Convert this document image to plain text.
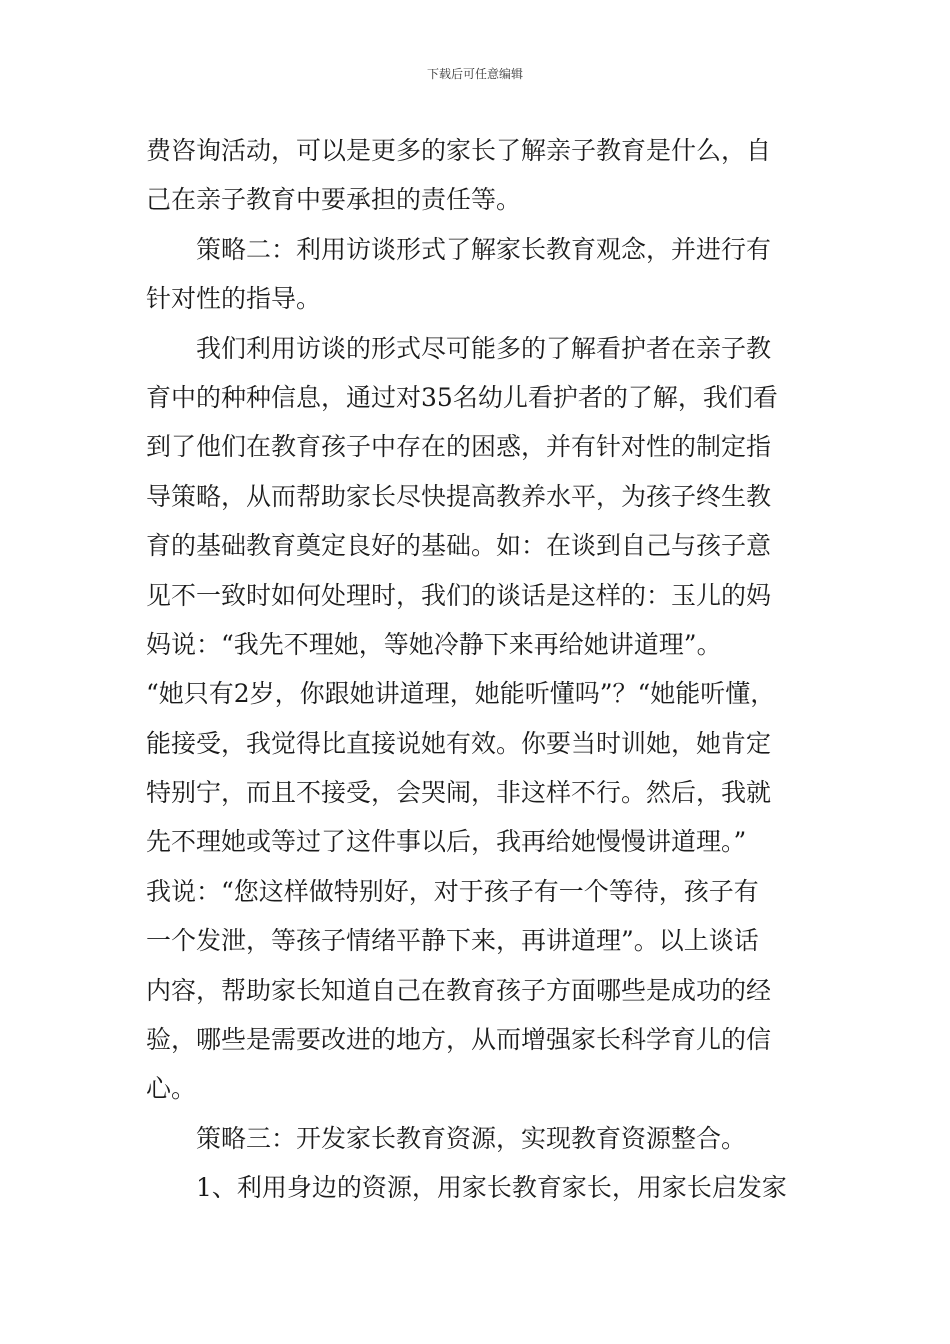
下载后可任意编辑
费咨询活动，可以是更多的家长了解亲子教育是什么，自
己在亲子教育中要承担的责任等。
策略二：利用访谈形式了解家长教育观念，并进行有
针对性的指导。
我们利用访谈的形式尽可能多的了解看护者在亲子教
育中的种种信息，通过对35名幼儿看护者的了解，我们看
到了他们在教育孩子中存在的困惑，并有针对性的制定指
导策略，从而帮助家长尽快提高教养水平，为孩子终生教
育的基础教育奠定良好的基础。如：在谈到自己与孩子意
见不一致时如何处理时，我们的谈话是这样的：玉儿的妈
妈说：“我先不理她，等她冷静下来再给她讲道理”。
“她只有2岁，你跟她讲道理，她能听懂吗”？“她能听懂，
能接受，我觉得比直接说她有效。你要当时训她，她肯定
特别宁，而且不接受，会哭闹，非这样不行。然后，我就
先不理她或等过了这件事以后，我再给她慢慢讲道理。”
我说：“您这样做特别好，对于孩子有一个等待，孩子有
一个发泄，等孩子情绪平静下来，再讲道理”。以上谈话
内容，帮助家长知道自己在教育孩子方面哪些是成功的经
验，哪些是需要改进的地方，从而增强家长科学育儿的信
心。
策略三：开发家长教育资源，实现教育资源整合。
1、利用身边的资源，用家长教育家长，用家长启发家
